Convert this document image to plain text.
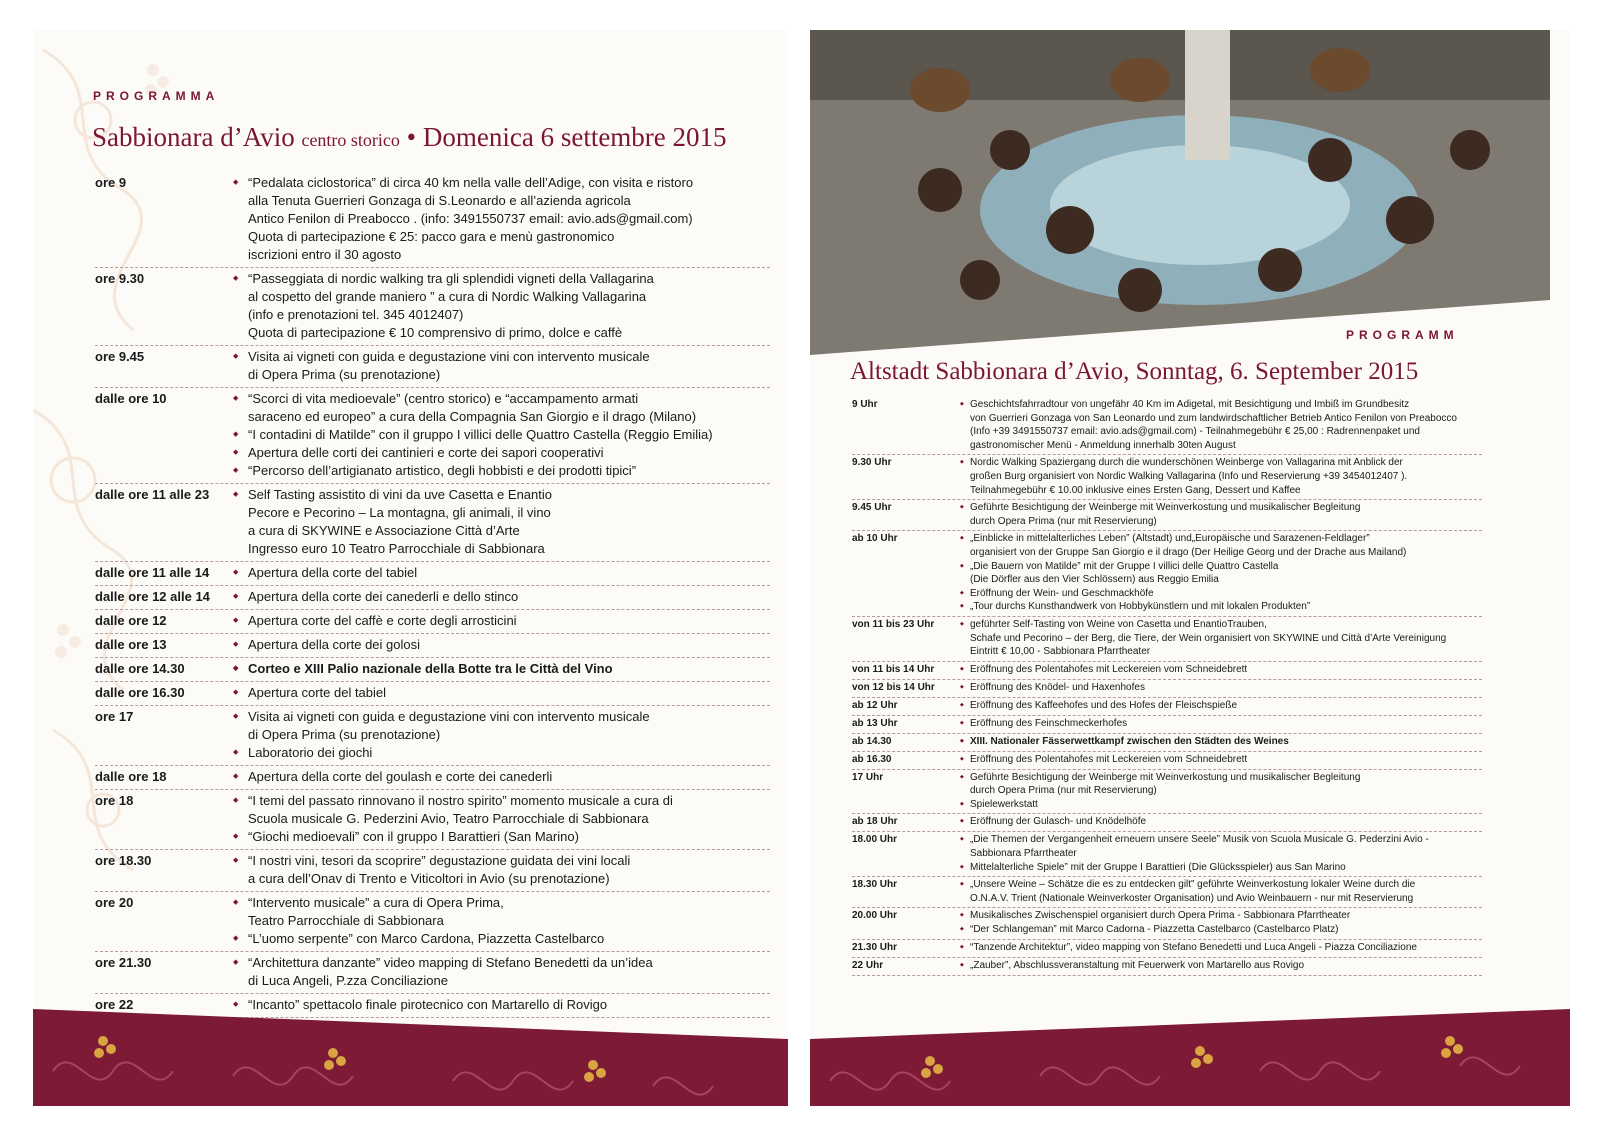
PROGRAMMA
Sabbionara d’Avio centro storico • Domenica 6 settembre 2015
ore 9	◆ “Pedalata ciclostorica” di circa 40 km nella valle dell’Adige, con visita e ristoro
alla Tenuta Guerrieri Gonzaga di S.Leonardo e all’azienda agricola
Antico Fenilon di Preabocco . (info: 3491550737 email: avio.ads@gmail.com)
Quota di partecipazione € 25: pacco gara e menù gastronomico
iscrizioni entro il 30 agosto
ore 9.30	◆ “Passeggiata di nordic walking tra gli splendidi vigneti della Vallagarina
al cospetto del grande maniero ” a cura di Nordic Walking Vallagarina
(info e prenotazioni tel. 345 4012407)
Quota di partecipazione € 10 comprensivo di primo, dolce e caffè
ore 9.45	◆ Visita ai vigneti con guida e degustazione vini con intervento musicale
di Opera Prima (su prenotazione)
dalle ore 10	◆ “Scorci di vita medioevale” (centro storico) e “accampamento armati
saraceno ed europeo” a cura della Compagnia San Giorgio e il drago (Milano)
◆ “I contadini di Matilde” con il gruppo I villici delle Quattro Castella (Reggio Emilia)
◆ Apertura delle corti dei cantinieri e corte dei sapori cooperativi
◆ “Percorso dell’artigianato artistico, degli hobbisti e dei prodotti tipici”
dalle ore 11 alle 23	◆ Self Tasting assistito di vini da uve Casetta e Enantio
Pecore e Pecorino – La montagna, gli animali, il vino
a cura di SKYWINE e Associazione Città d’Arte
Ingresso euro 10 Teatro Parrocchiale di Sabbionara
dalle ore 11 alle 14	◆ Apertura della corte del tabiel
dalle ore 12 alle 14	◆ Apertura della corte dei canederli e dello stinco
dalle ore 12	◆ Apertura corte del caffè e corte degli arrosticini
dalle ore 13	◆ Apertura della corte dei golosi
dalle ore 14.30	◆ Corteo e XIII Palio nazionale della Botte tra le Città del Vino
dalle ore 16.30	◆ Apertura corte del tabiel
ore 17	◆ Visita ai vigneti con guida e degustazione vini con intervento musicale
di Opera Prima (su prenotazione)
◆ Laboratorio dei giochi
dalle ore 18	◆ Apertura della corte del goulash e corte dei canederli
ore 18	◆ “I temi del passato rinnovano il nostro spirito” momento musicale a cura di
Scuola musicale G. Pederzini Avio, Teatro Parrocchiale di Sabbionara
◆ “Giochi medioevali” con il gruppo I Barattieri (San Marino)
ore 18.30	◆ “I nostri vini, tesori da scoprire” degustazione guidata dei vini locali
a cura dell’Onav di Trento e Viticoltori in Avio (su prenotazione)
ore 20	◆ “Intervento musicale” a cura di Opera Prima,
Teatro Parrocchiale di Sabbionara
◆ “L’uomo serpente” con Marco Cardona, Piazzetta Castelbarco
ore 21.30	◆ “Architettura danzante” video mapping di Stefano Benedetti da un’idea
di Luca Angeli, P.zza Conciliazione
ore 22	◆ “Incanto” spettacolo finale pirotecnico con Martarello di Rovigo
PROGRAMM
Altstadt Sabbionara d’Avio, Sonntag, 6. September 2015
9 Uhr	◆ Geschichtsfahrradtour von ungefähr 40 Km im Adigetal, mit Besichtigung und Imbiß im Grundbesitz
von Guerrieri Gonzaga von San Leonardo und zum landwirdschaftlicher Betrieb Antico Fenilon von Preabocco
(Info +39 3491550737 email: avio.ads@gmail.com) - Teilnahmegebühr € 25,00 : Radrennenpaket und
gastronomischer Menü - Anmeldung innerhalb 30ten August
9.30 Uhr	◆ Nordic Walking Spaziergang durch die wunderschönen Weinberge von Vallagarina mit Anblick der
großen Burg organisiert von Nordic Walking Vallagarina (Info und Reservierung +39 3454012407 ).
Teilnahmegebühr € 10.00 inklusive eines Ersten Gang, Dessert und Kaffee
9.45 Uhr	◆ Geführte Besichtigung der Weinberge mit Weinverkostung und musikalischer Begleitung
durch Opera Prima (nur mit Reservierung)
ab 10 Uhr	◆ „Einblicke in mittelalterliches Leben” (Altstadt) und„Europäische und Sarazenen-Feldlager”
organisiert von der Gruppe San Giorgio e il drago (Der Heilige Georg und der Drache aus Mailand)
◆ „Die Bauern von Matilde” mit der Gruppe I villici delle Quattro Castella
(Die Dörfler aus den Vier Schlössern) aus Reggio Emilia
◆ Eröffnung der Wein- und Geschmackhöfe
◆ „Tour durchs Kunsthandwerk von Hobbykünstlern und mit lokalen Produkten”
von 11 bis 23 Uhr	◆ geführter Self-Tasting von Weine von Casetta und EnantioTrauben,
Schafe und Pecorino – der Berg, die Tiere, der Wein organisiert von SKYWINE und Città d’Arte Vereinigung
Eintritt € 10,00 - Sabbionara Pfarrtheater
von 11 bis 14 Uhr	◆ Eröffnung des Polentahofes mit Leckereien vom Schneidebrett
von 12 bis 14 Uhr	◆ Eröffnung des Knödel- und Haxenhofes
ab 12 Uhr	◆ Eröffnung des Kaffeehofes und des Hofes der Fleischspieße
ab 13 Uhr	◆ Eröffnung des Feinschmeckerhofes
ab 14.30	◆ XIII. Nationaler Fässerwettkampf zwischen den Städten des Weines
ab 16.30	◆ Eröffnung des Polentahofes mit Leckereien vom Schneidebrett
17 Uhr	◆ Geführte Besichtigung der Weinberge mit Weinverkostung und musikalischer Begleitung
durch Opera Prima (nur mit Reservierung)
◆ Spielewerkstatt
ab 18 Uhr	◆ Eröffnung der Gulasch- und Knödelhöfe
18.00 Uhr	◆ „Die Themen der Vergangenheit erneuern unsere Seele” Musik von Scuola Musicale G. Pederzini Avio -
Sabbionara Pfarrtheater
◆ Mittelalterliche Spiele” mit der Gruppe I Barattieri (Die Glücksspieler) aus San Marino
18.30 Uhr	◆ „Unsere Weine – Schätze die es zu entdecken gilt” geführte Weinverkostung lokaler Weine durch die
O.N.A.V. Trient (Nationale Weinverkoster Organisation) und Avio Weinbauern - nur mit Reservierung
20.00 Uhr	◆ Musikalisches Zwischenspiel organisiert durch Opera Prima - Sabbionara Pfarrtheater
◆ “Der Schlangeman” mit Marco Cadorna - Piazzetta Castelbarco (Castelbarco Platz)
21.30 Uhr	◆ “Tanzende Architektur”, video mapping von Stefano Benedetti und Luca Angeli - Piazza Conciliazione
22 Uhr	◆ „Zauber”, Abschlussveranstaltung mit Feuerwerk von Martarello aus Rovigo
